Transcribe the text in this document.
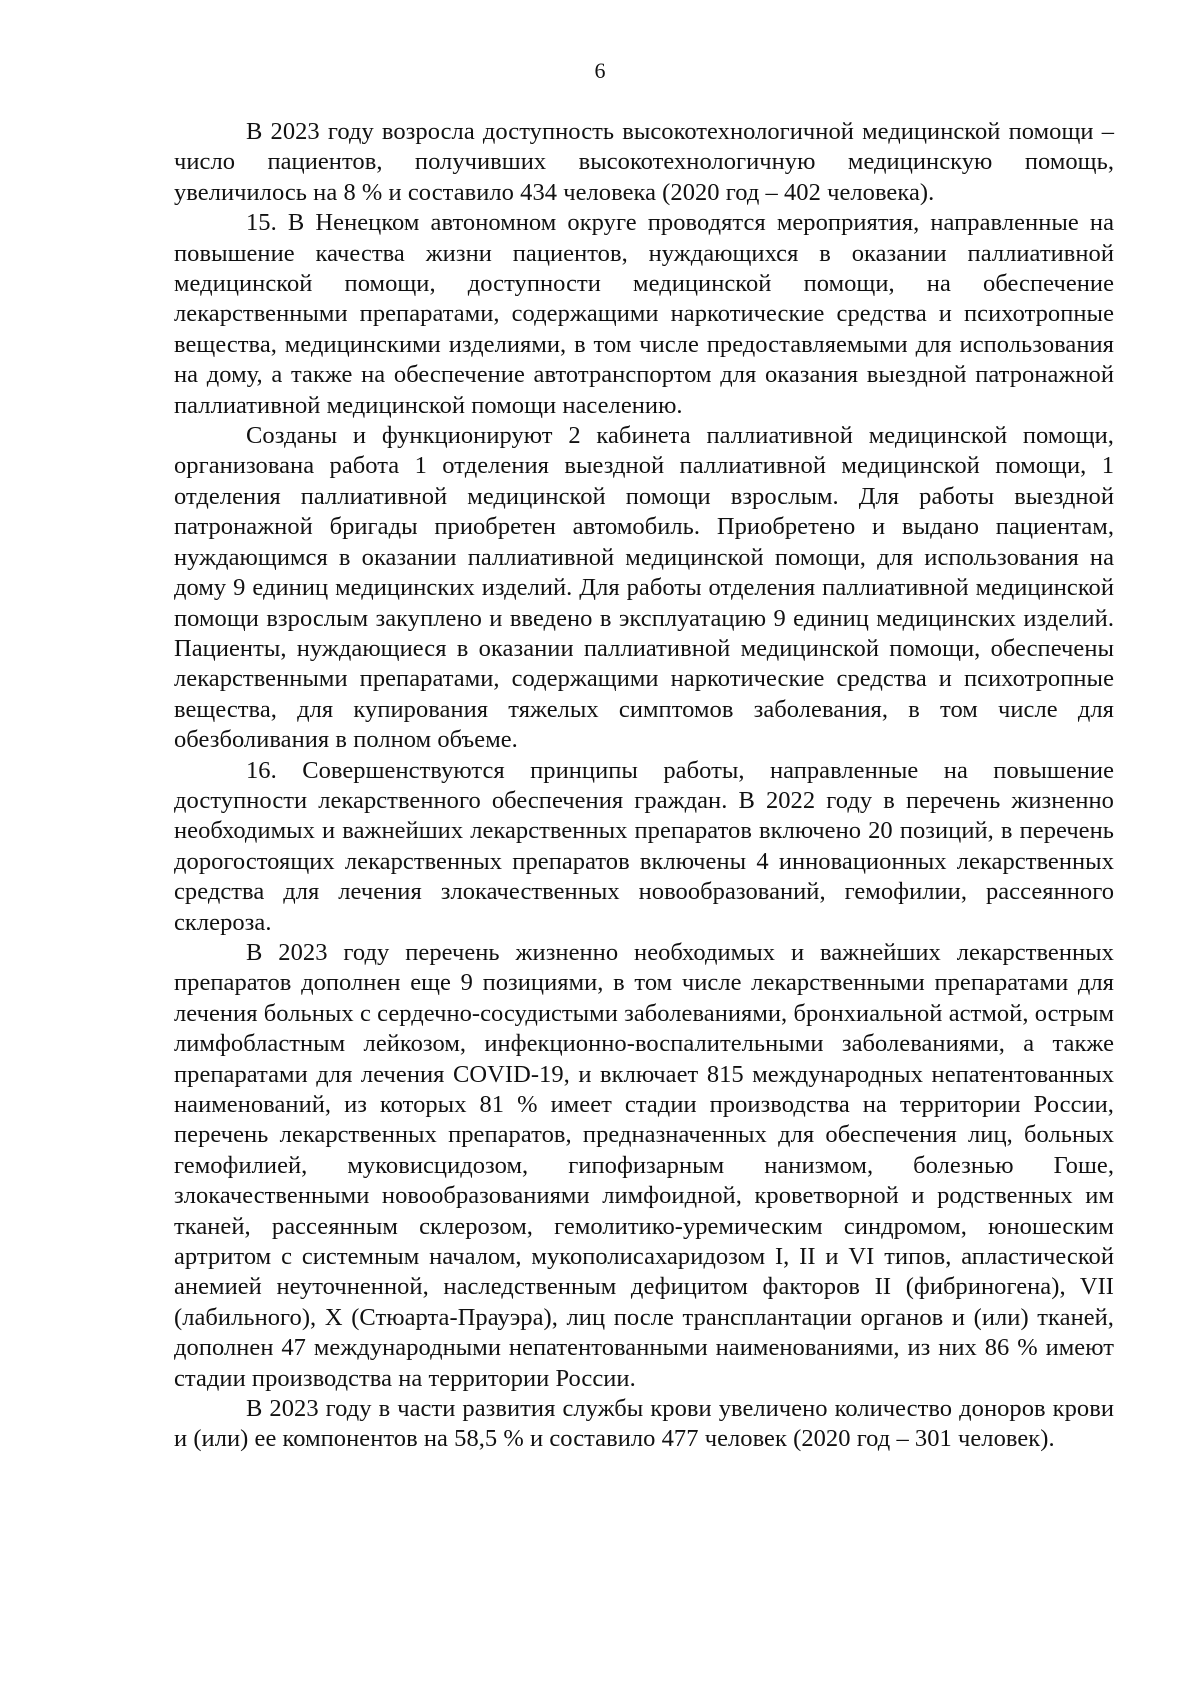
6

В 2023 году возросла доступность высокотехнологичной медицинской помощи – число пациентов, получивших высокотехнологичную медицинскую помощь, увеличилось на 8 % и составило 434 человека (2020 год – 402 человека).

15. В Ненецком автономном округе проводятся мероприятия, направленные на повышение качества жизни пациентов, нуждающихся в оказании паллиативной медицинской помощи, доступности медицинской помощи, на обеспечение лекарственными препаратами, содержащими наркотические средства и психотропные вещества, медицинскими изделиями, в том числе предоставляемыми для использования на дому, а также на обеспечение автотранспортом для оказания выездной патронажной паллиативной медицинской помощи населению.

Созданы и функционируют 2 кабинета паллиативной медицинской помощи, организована работа 1 отделения выездной паллиативной медицинской помощи, 1 отделения паллиативной медицинской помощи взрослым. Для работы выездной патронажной бригады приобретен автомобиль. Приобретено и выдано пациентам, нуждающимся в оказании паллиативной медицинской помощи, для использования на дому 9 единиц медицинских изделий. Для работы отделения паллиативной медицинской помощи взрослым закуплено и введено в эксплуатацию 9 единиц медицинских изделий. Пациенты, нуждающиеся в оказании паллиативной медицинской помощи, обеспечены лекарственными препаратами, содержащими наркотические средства и психотропные вещества, для купирования тяжелых симптомов заболевания, в том числе для обезболивания в полном объеме.

16. Совершенствуются принципы работы, направленные на повышение доступности лекарственного обеспечения граждан. В 2022 году в перечень жизненно необходимых и важнейших лекарственных препаратов включено 20 позиций, в перечень дорогостоящих лекарственных препаратов включены 4 инновационных лекарственных средства для лечения злокачественных новообразований, гемофилии, рассеянного склероза.

В 2023 году перечень жизненно необходимых и важнейших лекарственных препаратов дополнен еще 9 позициями, в том числе лекарственными препаратами для лечения больных с сердечно-сосудистыми заболеваниями, бронхиальной астмой, острым лимфобластным лейкозом, инфекционно-воспалительными заболеваниями, а также препаратами для лечения COVID-19, и включает 815 международных непатентованных наименований, из которых 81 % имеет стадии производства на территории России, перечень лекарственных препаратов, предназначенных для обеспечения лиц, больных гемофилией, муковисцидозом, гипофизарным нанизмом, болезнью Гоше, злокачественными новообразованиями лимфоидной, кроветворной и родственных им тканей, рассеянным склерозом, гемолитико-уремическим синдромом, юношеским артритом с системным началом, мукополисахаридозом I, II и VI типов, апластической анемией неуточненной, наследственным дефицитом факторов II (фибриногена), VII (лабильного), X (Стюарта-Прауэра), лиц после трансплантации органов и (или) тканей, дополнен 47 международными непатентованными наименованиями, из них 86 % имеют стадии производства на территории России.

В 2023 году в части развития службы крови увеличено количество доноров крови и (или) ее компонентов на 58,5 % и составило 477 человек (2020 год – 301 человек).
